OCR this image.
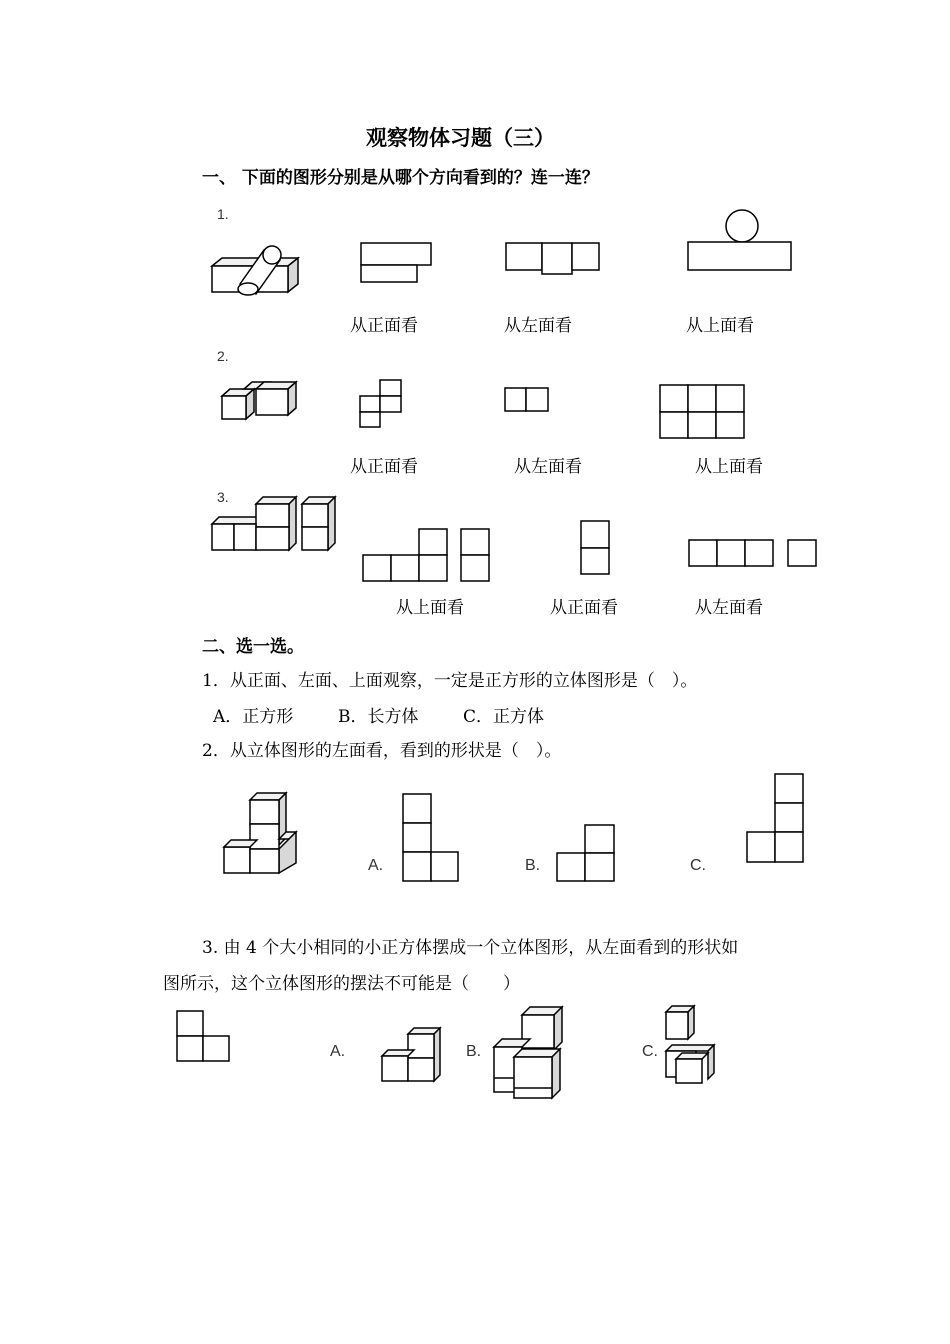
观察物体习题（三）
一、 下面的图形分别是从哪个方向看到的？连一连？
1.
从正面看	从左面看	从上面看
2.
从正面看	从左面看	从上面看
3.
从上面看	从正面看	从左面看
二、选一选。
1．从正面、左面、上面观察，一定是正方形的立体图形是（　）。
A．正方形	B．长方体	C．正方体
2．从立体图形的左面看，看到的形状是（　）。
A.	B.	C.
3. 由 4 个大小相同的小正方体摆成一个立体图形，从左面看到的形状如
图所示，这个立体图形的摆法不可能是（　　）
A.	B.	C.
